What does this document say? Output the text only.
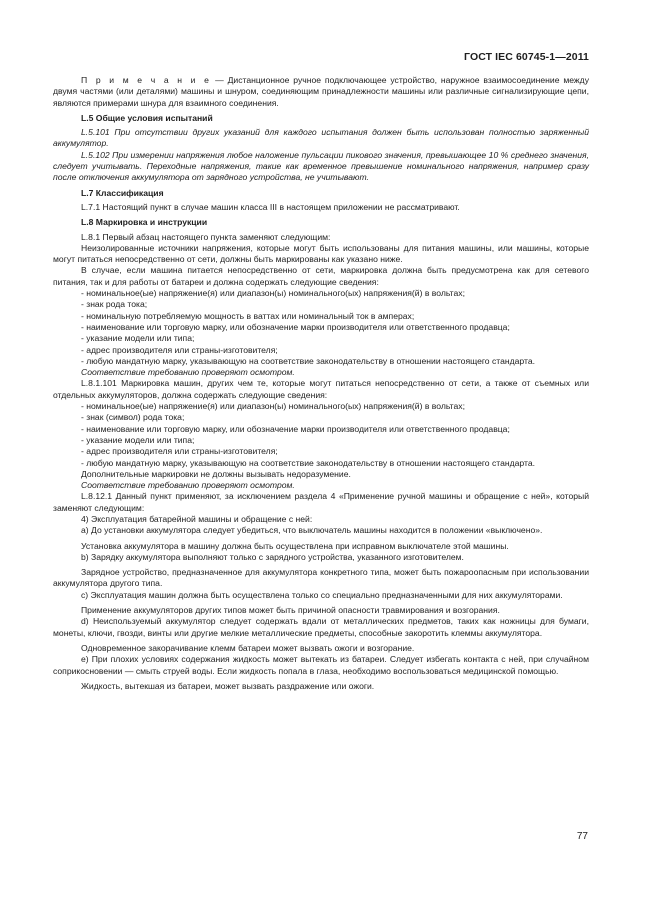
ГОСТ IEC 60745-1—2011

П р и м е ч а н и е — Дистанционное ручное подключающее устройство, наружное взаимосоединение между двумя частями (или деталями) машины и шнуром, соединяющим принадлежности машины или различные сигнализирующие цепи, являются примерами шнура для взаимного соединения.

L.5 Общие условия испытаний

L.5.101 При отсутствии других указаний для каждого испытания должен быть использован полностью заряженный аккумулятор.

L.5.102 При измерении напряжения любое наложение пульсации пикового значения, превышающее 10 % среднего значения, следует учитывать. Переходные напряжения, такие как временное превышение номинального напряжения, например сразу после отключения аккумулятора от зарядного устройства, не учитывают.

L.7 Классификация

L.7.1 Настоящий пункт в случае машин класса III в настоящем приложении не рассматривают.

L.8 Маркировка и инструкции

L.8.1 Первый абзац настоящего пункта заменяют следующим:

Неизолированные источники напряжения, которые могут быть использованы для питания машины, или машины, которые могут питаться непосредственно от сети, должны быть маркированы как указано ниже.

В случае, если машина питается непосредственно от сети, маркировка должна быть предусмотрена как для сетевого питания, так и для работы от батареи и должна содержать следующие сведения:

- номинальное(ые) напряжение(я) или диапазон(ы) номинального(ых) напряжения(й) в вольтах;

- знак рода тока;

- номинальную потребляемую мощность в ваттах или номинальный ток в амперах;

- наименование или торговую марку, или обозначение марки производителя или ответственного продавца;

- указание модели или типа;

- адрес производителя или страны-изготовителя;

- любую мандатную марку, указывающую на соответствие законодательству в отношении настоящего стандарта.

Соответствие требованию проверяют осмотром.

L.8.1.101 Маркировка машин, других чем те, которые могут питаться непосредственно от сети, а также от съемных или отдельных аккумуляторов, должна содержать следующие сведения:

- номинальное(ые) напряжение(я) или диапазон(ы) номинального(ых) напряжения(й) в вольтах;

- знак (символ) рода тока;

- наименование или торговую марку, или обозначение марки производителя или ответственного продавца;

- указание модели или типа;

- адрес производителя или страны-изготовителя;

- любую мандатную марку, указывающую на соответствие законодательству в отношении настоящего стандарта.

Дополнительные маркировки не должны вызывать недоразумение.

Соответствие требованию проверяют осмотром.

L.8.12.1 Данный пункт применяют, за исключением раздела 4 «Применение ручной машины и обращение с ней», который заменяют следующим:

4) Эксплуатация батарейной машины и обращение с ней:

a) До установки аккумулятора следует убедиться, что выключатель машины находится в положении «выключено».

Установка аккумулятора в машину должна быть осуществлена при исправном выключателе этой машины.

b) Зарядку аккумулятора выполняют только с зарядного устройства, указанного изготовителем.

Зарядное устройство, предназначенное для аккумулятора конкретного типа, может быть пожароопасным при использовании аккумулятора другого типа.

c) Эксплуатация машин должна быть осуществлена только со специально предназначенными для них аккумуляторами.

Применение аккумуляторов других типов может быть причиной опасности травмирования и возгорания.

d) Неиспользуемый аккумулятор следует содержать вдали от металлических предметов, таких как ножницы для бумаги, монеты, ключи, гвозди, винты или другие мелкие металлические предметы, способные закоротить клеммы аккумулятора.

Одновременное закорачивание клемм батареи может вызвать ожоги и возгорание.

e) При плохих условиях содержания жидкость может вытекать из батареи. Следует избегать контакта с ней, при случайном соприкосновении — смыть струей воды. Если жидкость попала в глаза, необходимо воспользоваться медицинской помощью.

Жидкость, вытекшая из батареи, может вызвать раздражение или ожоги.

77
